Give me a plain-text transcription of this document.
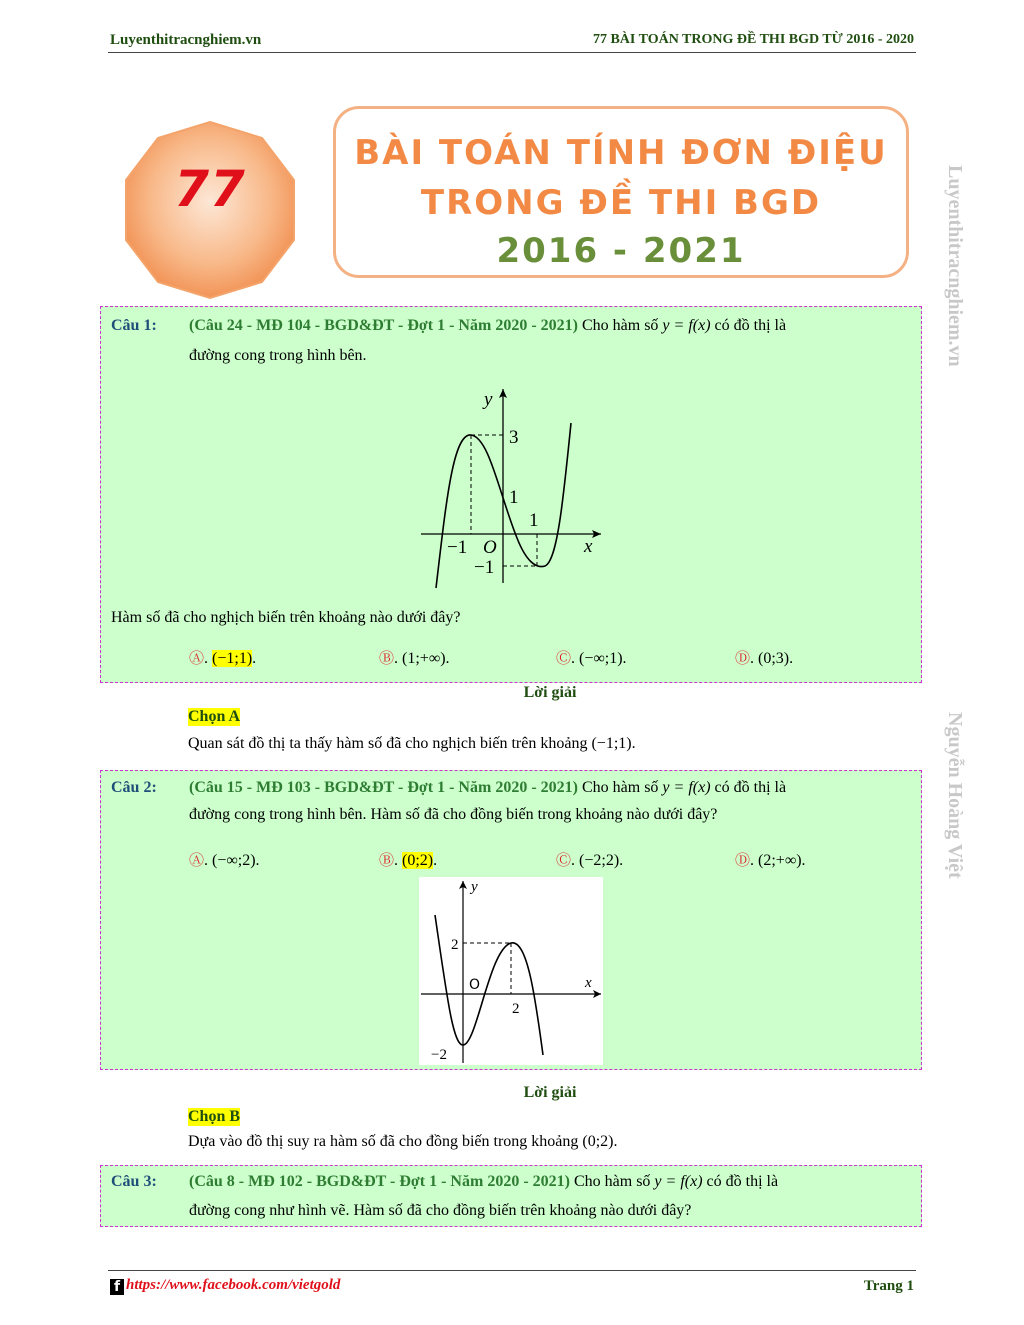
Luyenthitracnghiem.vn	77 BÀI TOÁN TRONG ĐỀ THI BGD TỪ 2016 - 2020
Luyenthitracnghiem.vn
Nguyễn Hoàng Việt
77
BÀI TOÁN TÍNH ĐƠN ĐIỆU
TRONG ĐỀ THI BGD
2016 - 2021
Câu 1: (Câu 24 - MĐ 104 - BGD&ĐT - Đợt 1 - Năm 2020 - 2021) Cho hàm số y = f(x) có đồ thị là
đường cong trong hình bên.
y
x
3
1
1
−1 O
−1
Hàm số đã cho nghịch biến trên khoảng nào dưới đây?
Ⓐ. (−1;1).	Ⓑ. (1;+∞).	Ⓒ. (−∞;1).	Ⓓ. (0;3).
Lời giải
Chọn A
Quan sát đồ thị ta thấy hàm số đã cho nghịch biến trên khoảng (−1;1).
Câu 2: (Câu 15 - MĐ 103 - BGD&ĐT - Đợt 1 - Năm 2020 - 2021) Cho hàm số y = f(x) có đồ thị là
đường cong trong hình bên. Hàm số đã cho đồng biến trong khoảng nào dưới đây?
Ⓐ. (−∞;2).	Ⓑ. (0;2).	Ⓒ. (−2;2).	Ⓓ. (2;+∞).
y
x
2
2
−2
O
Lời giải
Chọn B
Dựa vào đồ thị suy ra hàm số đã cho đồng biến trong khoảng (0;2).
Câu 3: (Câu 8 - MĐ 102 - BGD&ĐT - Đợt 1 - Năm 2020 - 2021) Cho hàm số y = f(x) có đồ thị là
đường cong như hình vẽ. Hàm số đã cho đồng biến trên khoảng nào dưới đây?
f https://www.facebook.com/vietgold	Trang 1
